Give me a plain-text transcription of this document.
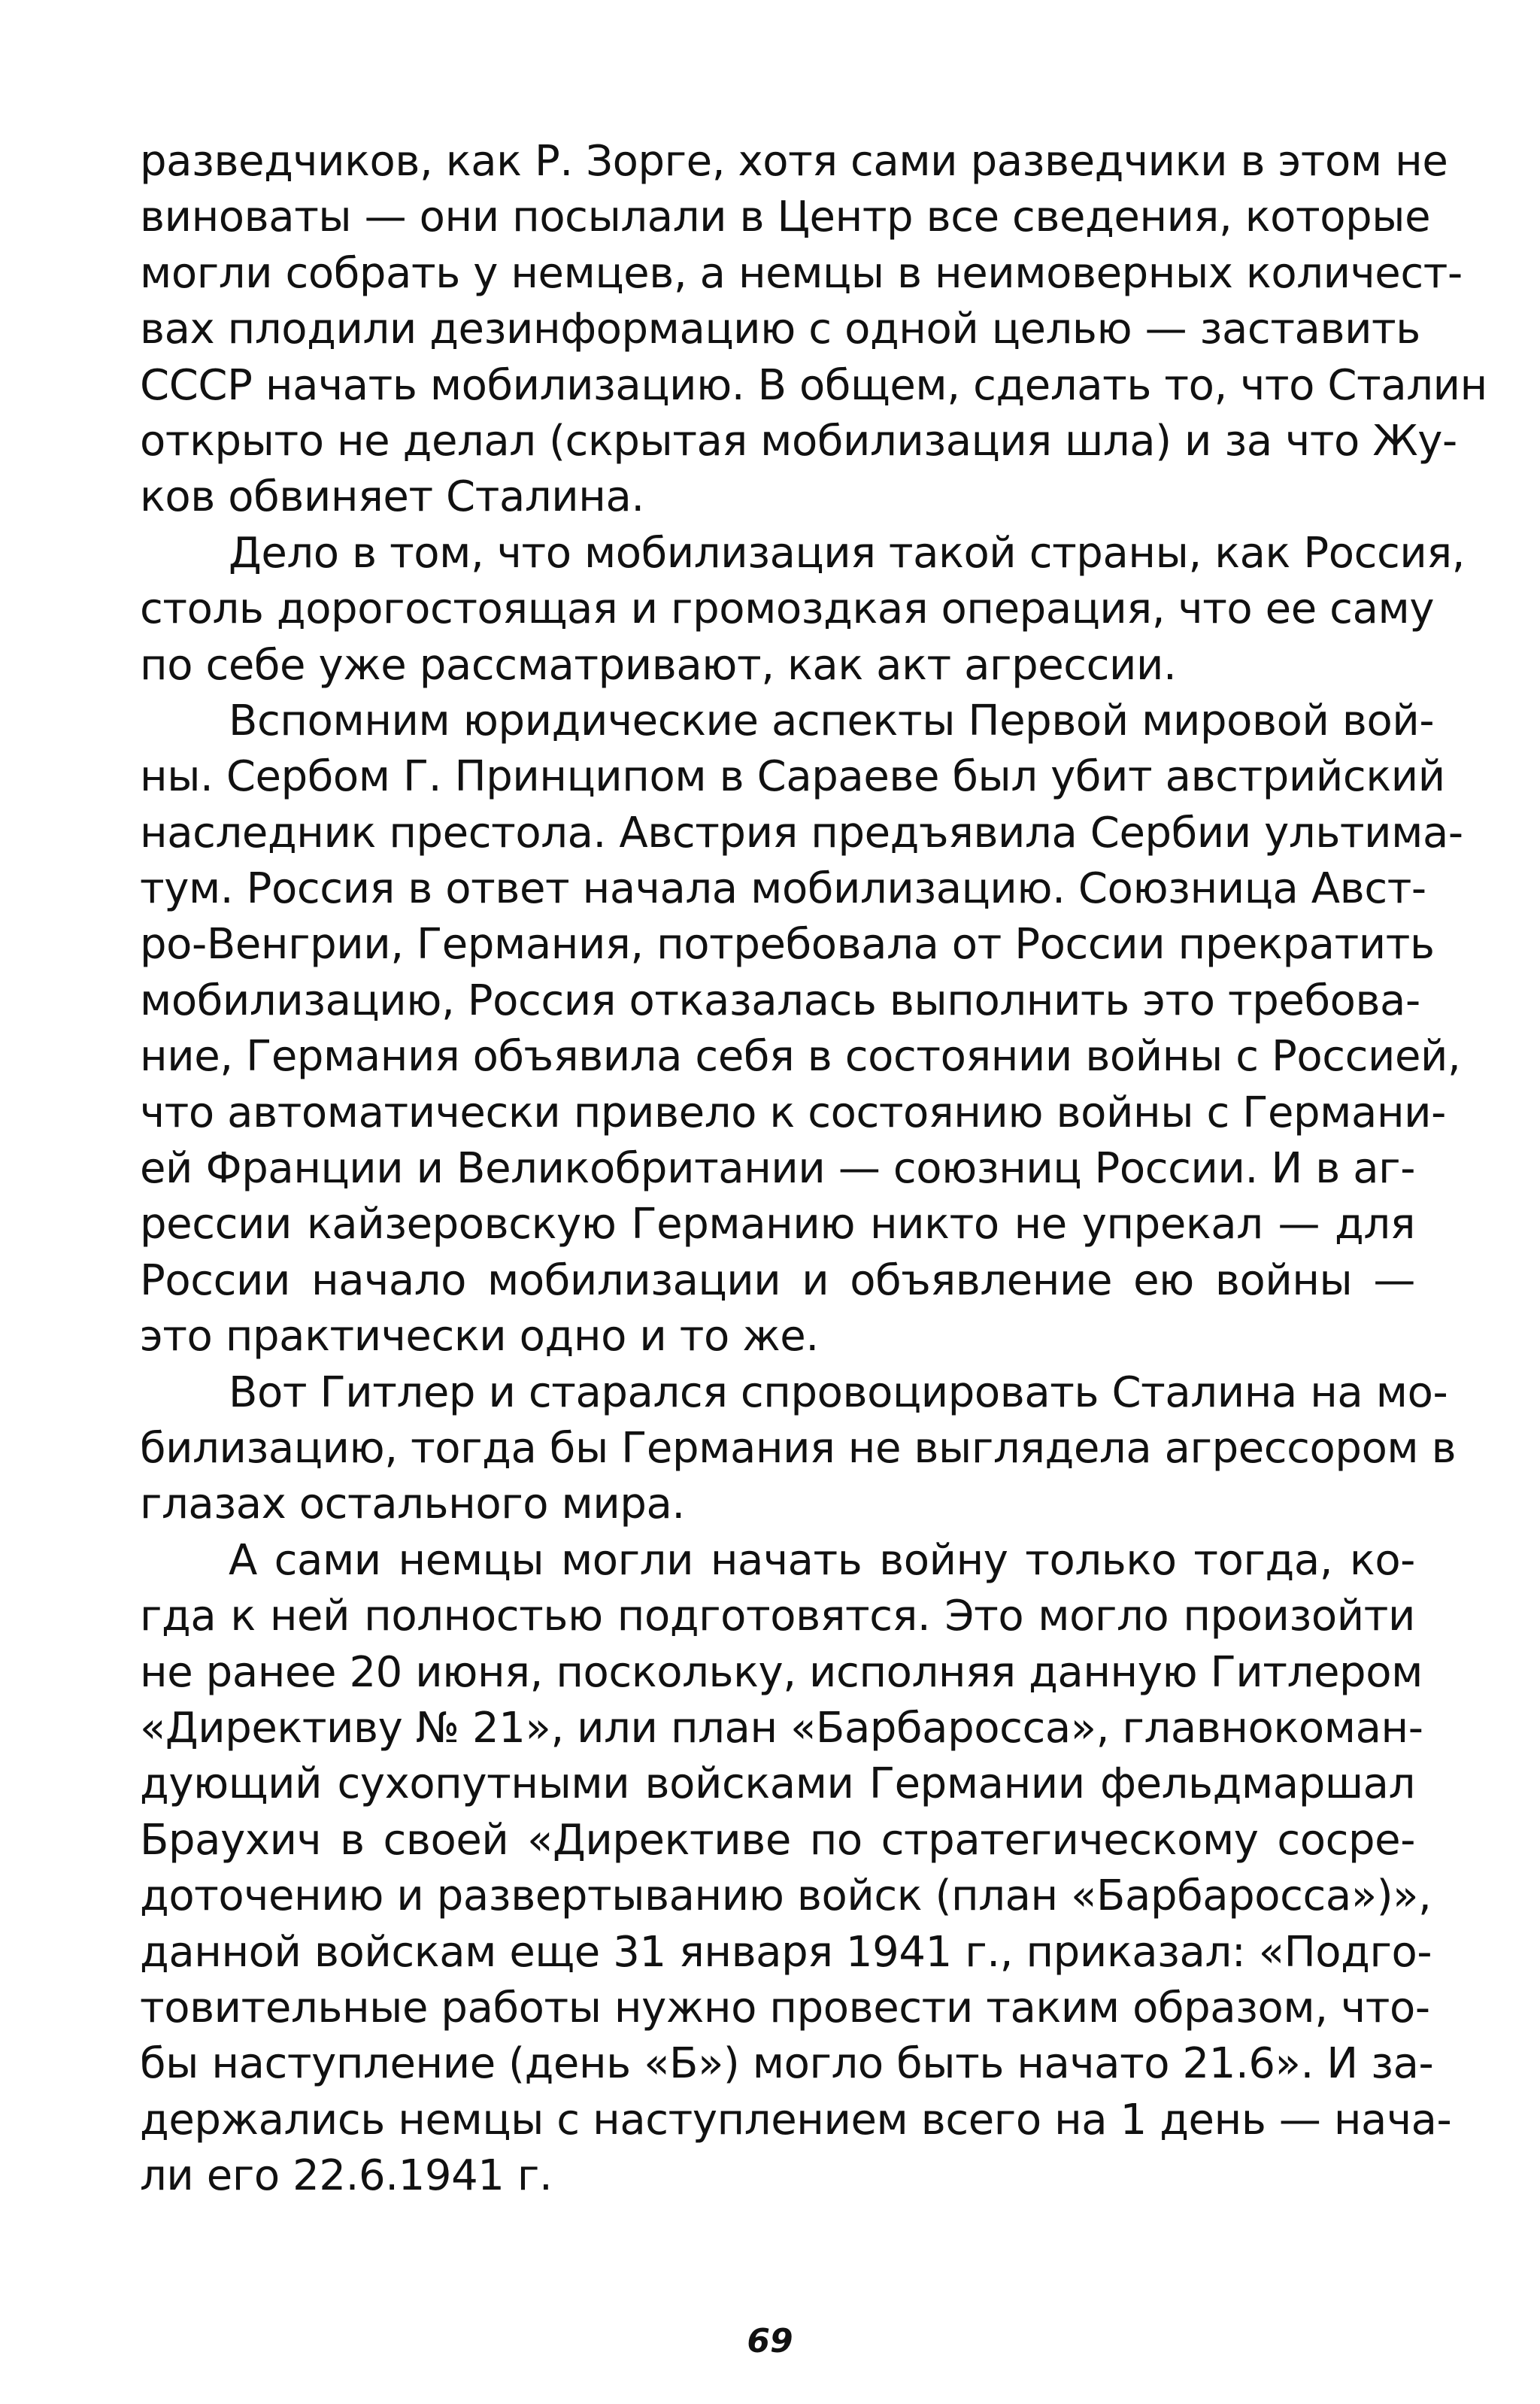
разведчиков, как Р. Зорге, хотя сами разведчики в этом не
виноваты — они посылали в Центр все сведения, которые
могли собрать у немцев, а немцы в неимоверных количест-
вах плодили дезинформацию с одной целью — заставить
СССР начать мобилизацию. В общем, сделать то, что Сталин
открыто не делал (скрытая мобилизация шла) и за что Жу-
ков обвиняет Сталина.
Дело в том, что мобилизация такой страны, как Россия,
столь дорогостоящая и громоздкая операция, что ее саму
по себе уже рассматривают, как акт агрессии.
Вспомним юридические аспекты Первой мировой вой-
ны. Сербом Г. Принципом в Сараеве был убит австрийский
наследник престола. Австрия предъявила Сербии ультима-
тум. Россия в ответ начала мобилизацию. Союзница Авст-
ро-Венгрии, Германия, потребовала от России прекратить
мобилизацию, Россия отказалась выполнить это требова-
ние, Германия объявила себя в состоянии войны с Россией,
что автоматически привело к состоянию войны с Германи-
ей Франции и Великобритании — союзниц России. И в аг-
рессии кайзеровскую Германию никто не упрекал — для
России начало мобилизации и объявление ею войны —
это практически одно и то же.
Вот Гитлер и старался спровоцировать Сталина на мо-
билизацию, тогда бы Германия не выглядела агрессором в
глазах остального мира.
А сами немцы могли начать войну только тогда, ко-
гда к ней полностью подготовятся. Это могло произойти
не ранее 20 июня, поскольку, исполняя данную Гитлером
«Директиву № 21», или план «Барбаросса», главнокоман-
дующий сухопутными войсками Германии фельдмаршал
Браухич в своей «Директиве по стратегическому сосре-
доточению и развертыванию войск (план «Барбаросса»)»,
данной войскам еще 31 января 1941 г., приказал: «Подго-
товительные работы нужно провести таким образом, что-
бы наступление (день «Б») могло быть начато 21.6». И за-
держались немцы с наступлением всего на 1 день — нача-
ли его 22.6.1941 г.
69
